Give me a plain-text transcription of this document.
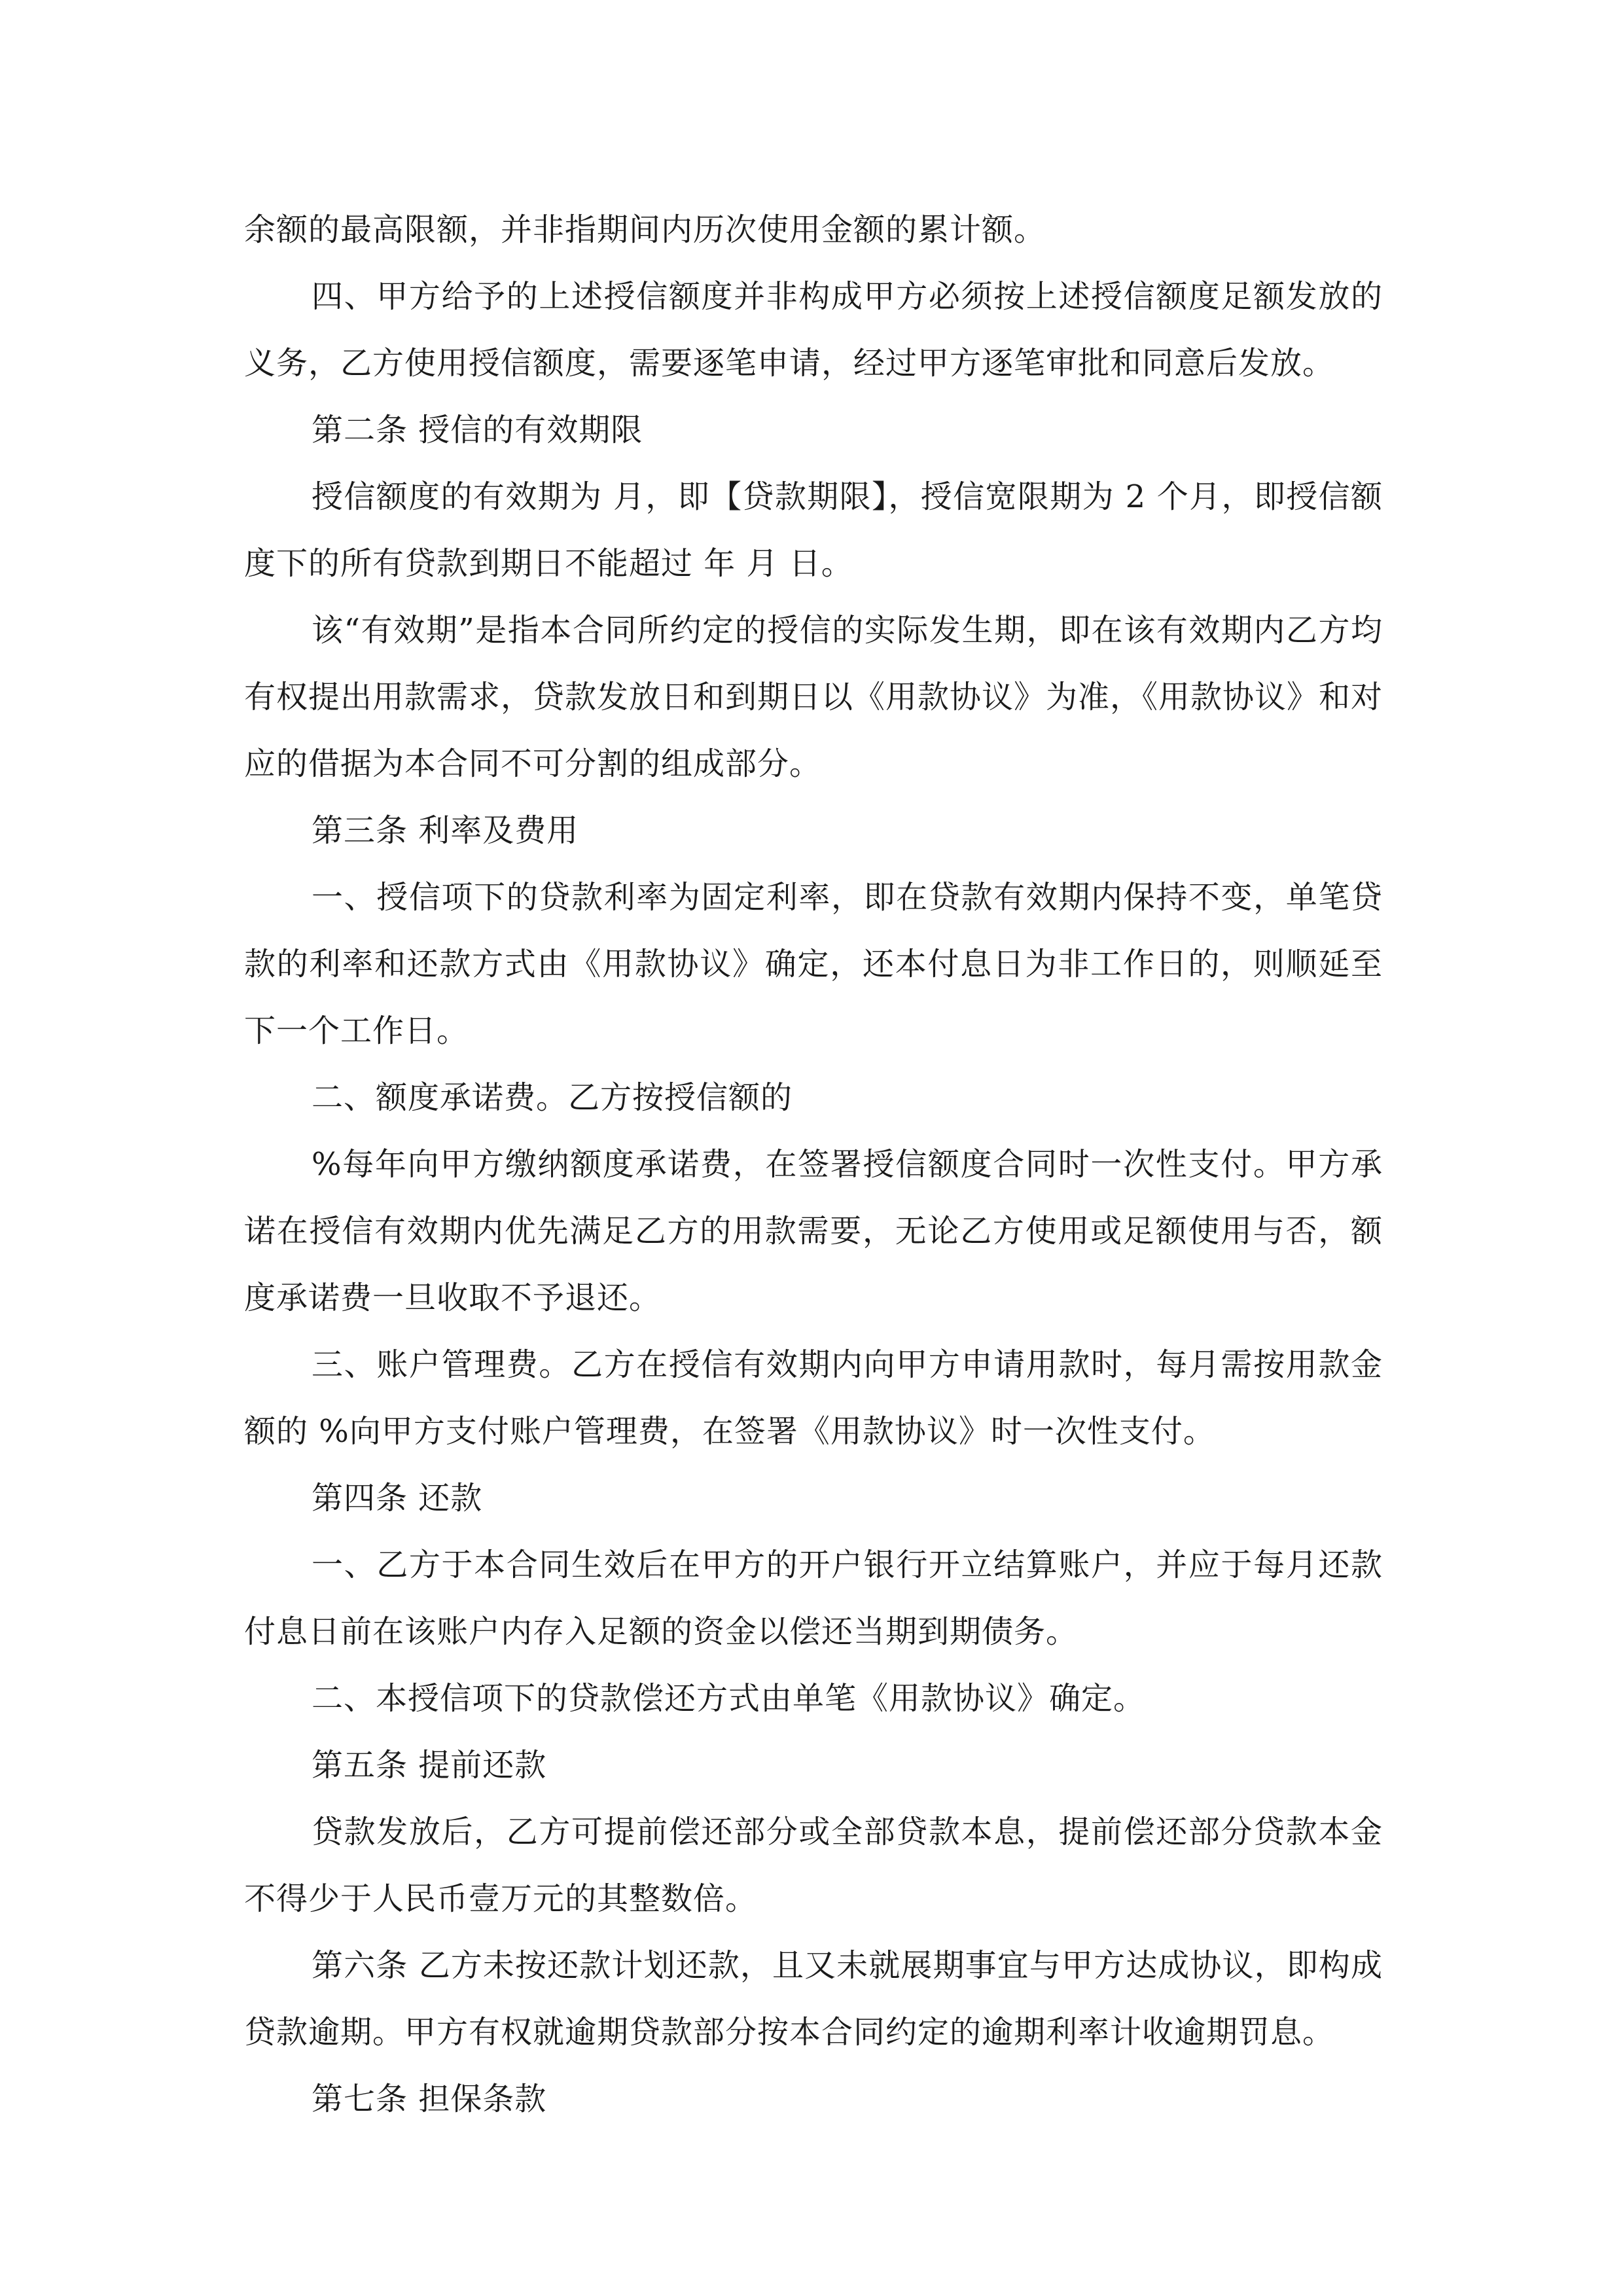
余额的最高限额，并非指期间内历次使用金额的累计额。

四、甲方给予的上述授信额度并非构成甲方必须按上述授信额度足额发放的义务，乙方使用授信额度，需要逐笔申请，经过甲方逐笔审批和同意后发放。

第二条 授信的有效期限

授信额度的有效期为 月，即【贷款期限】，授信宽限期为 2 个月，即授信额度下的所有贷款到期日不能超过 年 月 日。

该“有效期”是指本合同所约定的授信的实际发生期，即在该有效期内乙方均有权提出用款需求，贷款发放日和到期日以《用款协议》为准，《用款协议》和对应的借据为本合同不可分割的组成部分。

第三条 利率及费用

一、授信项下的贷款利率为固定利率，即在贷款有效期内保持不变，单笔贷款的利率和还款方式由《用款协议》确定，还本付息日为非工作日的，则顺延至下一个工作日。

二、额度承诺费。乙方按授信额的

%每年向甲方缴纳额度承诺费，在签署授信额度合同时一次性支付。甲方承诺在授信有效期内优先满足乙方的用款需要，无论乙方使用或足额使用与否，额度承诺费一旦收取不予退还。

三、账户管理费。乙方在授信有效期内向甲方申请用款时，每月需按用款金额的 %向甲方支付账户管理费，在签署《用款协议》时一次性支付。

第四条 还款

一、乙方于本合同生效后在甲方的开户银行开立结算账户，并应于每月还款付息日前在该账户内存入足额的资金以偿还当期到期债务。

二、本授信项下的贷款偿还方式由单笔《用款协议》确定。

第五条 提前还款

贷款发放后，乙方可提前偿还部分或全部贷款本息，提前偿还部分贷款本金不得少于人民币壹万元的其整数倍。

第六条 乙方未按还款计划还款，且又未就展期事宜与甲方达成协议，即构成贷款逾期。甲方有权就逾期贷款部分按本合同约定的逾期利率计收逾期罚息。

第七条 担保条款
